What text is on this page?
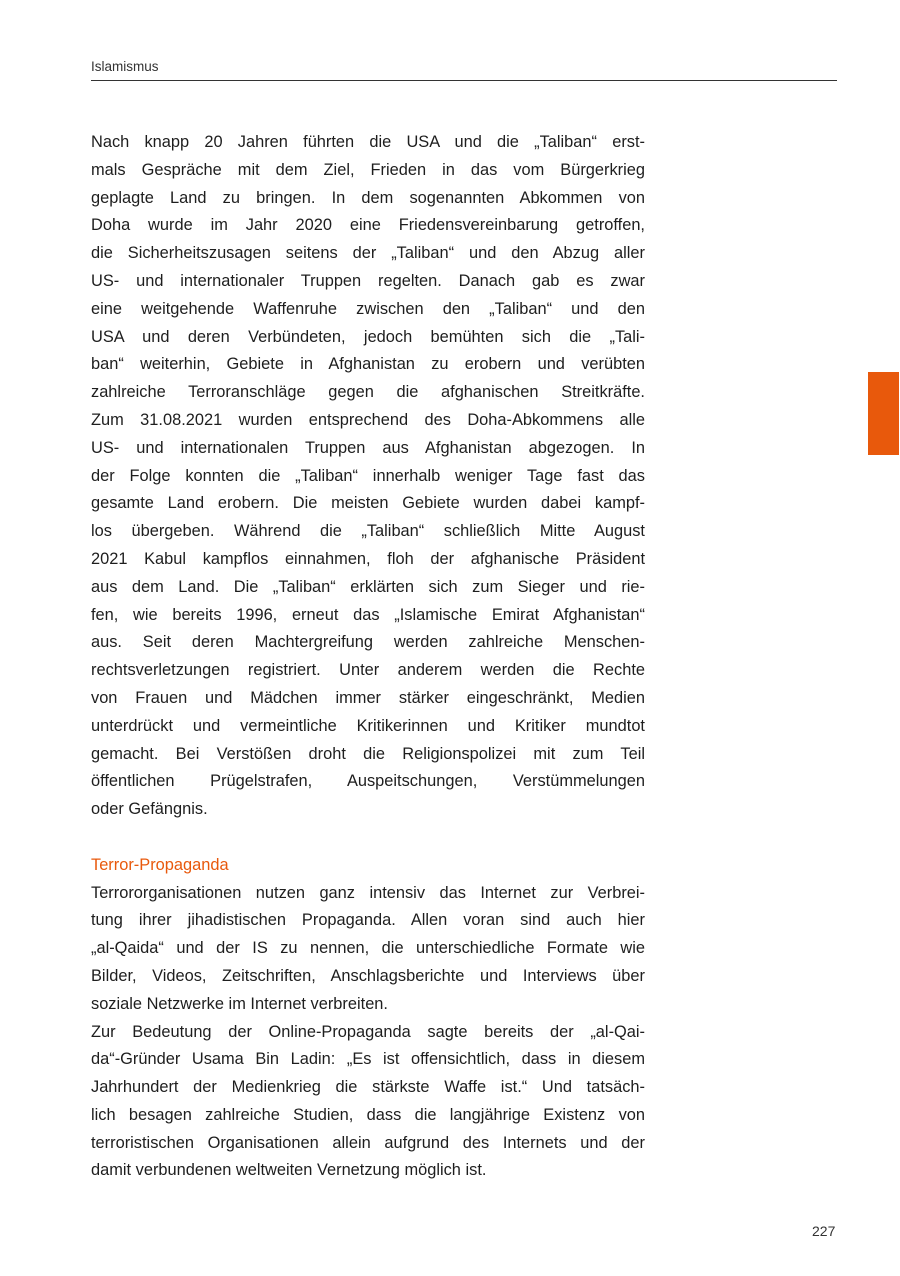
Islamismus
Nach knapp 20 Jahren führten die USA und die „Taliban“ erst-
mals Gespräche mit dem Ziel, Frieden in das vom Bürgerkrieg
geplagte Land zu bringen. In dem sogenannten Abkommen von
Doha wurde im Jahr 2020 eine Friedensvereinbarung getroffen,
die Sicherheitszusagen seitens der „Taliban“ und den Abzug aller
US- und internationaler Truppen regelten. Danach gab es zwar
eine weitgehende Waffenruhe zwischen den „Taliban“ und den
USA und deren Verbündeten, jedoch bemühten sich die „Tali-
ban“ weiterhin, Gebiete in Afghanistan zu erobern und verübten
zahlreiche Terroranschläge gegen die afghanischen Streitkräfte.
Zum 31.08.2021 wurden entsprechend des Doha-Abkommens alle
US- und internationalen Truppen aus Afghanistan abgezogen. In
der Folge konnten die „Taliban“ innerhalb weniger Tage fast das
gesamte Land erobern. Die meisten Gebiete wurden dabei kampf-
los übergeben. Während die „Taliban“ schließlich Mitte August
2021 Kabul kampflos einnahmen, floh der afghanische Präsident
aus dem Land. Die „Taliban“ erklärten sich zum Sieger und rie-
fen, wie bereits 1996, erneut das „Islamische Emirat Afghanistan“
aus. Seit deren Machtergreifung werden zahlreiche Menschen-
rechtsverletzungen registriert. Unter anderem werden die Rechte
von Frauen und Mädchen immer stärker eingeschränkt, Medien
unterdrückt und vermeintliche Kritikerinnen und Kritiker mundtot
gemacht. Bei Verstößen droht die Religionspolizei mit zum Teil
öffentlichen Prügelstrafen, Auspeitschungen, Verstümmelungen
oder Gefängnis.
Terror-Propaganda
Terrororganisationen nutzen ganz intensiv das Internet zur Verbrei-
tung ihrer jihadistischen Propaganda. Allen voran sind auch hier
„al-Qaida“ und der IS zu nennen, die unterschiedliche Formate wie
Bilder, Videos, Zeitschriften, Anschlagsberichte und Interviews über
soziale Netzwerke im Internet verbreiten.
Zur Bedeutung der Online-Propaganda sagte bereits der „al-Qai-
da“-Gründer Usama Bin Ladin: „Es ist offensichtlich, dass in diesem
Jahrhundert der Medienkrieg die stärkste Waffe ist.“ Und tatsäch-
lich besagen zahlreiche Studien, dass die langjährige Existenz von
terroristischen Organisationen allein aufgrund des Internets und der
damit verbundenen weltweiten Vernetzung möglich ist.
227
